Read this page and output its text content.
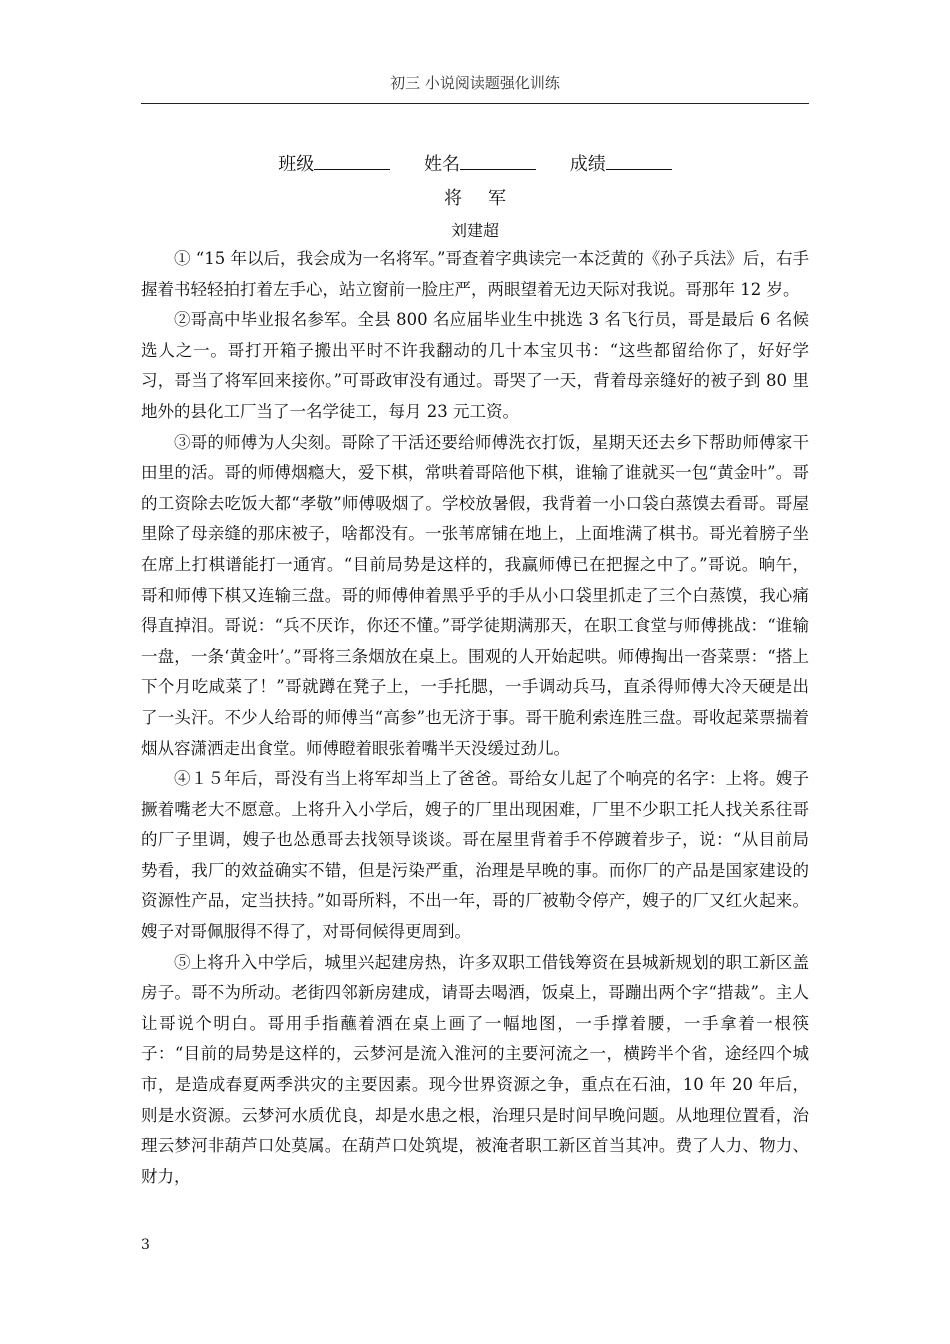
初三 小说阅读题强化训练
班级	姓名	成绩
将军
刘建超

① “15 年以后，我会成为一名将军。”哥查着字典读完一本泛黄的《孙子兵法》后，右手握着书轻轻拍打着左手心，站立窗前一脸庄严，两眼望着无边天际对我说。哥那年 12 岁。

②哥高中毕业报名参军。全县 800 名应届毕业生中挑选 3 名飞行员，哥是最后 6 名候选人之一。哥打开箱子搬出平时不许我翻动的几十本宝贝书：“这些都留给你了，好好学习，哥当了将军回来接你。”可哥政审没有通过。哥哭了一天，背着母亲缝好的被子到 80 里地外的县化工厂当了一名学徒工，每月 23 元工资。

③哥的师傅为人尖刻。哥除了干活还要给师傅洗衣打饭，星期天还去乡下帮助师傅家干田里的活。哥的师傅烟瘾大，爱下棋，常哄着哥陪他下棋，谁输了谁就买一包“黄金叶”。哥的工资除去吃饭大都“孝敬”师傅吸烟了。学校放暑假，我背着一小口袋白蒸馍去看哥。哥屋里除了母亲缝的那床被子，啥都没有。一张苇席铺在地上，上面堆满了棋书。哥光着膀子坐在席上打棋谱能打一通宵。“目前局势是这样的，我赢师傅已在把握之中了。”哥说。晌午，哥和师傅下棋又连输三盘。哥的师傅伸着黑乎乎的手从小口袋里抓走了三个白蒸馍，我心痛得直掉泪。哥说：“兵不厌诈，你还不懂。”哥学徒期满那天，在职工食堂与师傅挑战：“谁输一盘，一条‘黄金叶’。”哥将三条烟放在桌上。围观的人开始起哄。师傅掏出一沓菜票：“搭上下个月吃咸菜了！”哥就蹲在凳子上，一手托腮，一手调动兵马，直杀得师傅大冷天硬是出了一头汗。不少人给哥的师傅当“高参”也无济于事。哥干脆利索连胜三盘。哥收起菜票揣着烟从容潇洒走出食堂。师傅瞪着眼张着嘴半天没缓过劲儿。

④１５年后，哥没有当上将军却当上了爸爸。哥给女儿起了个响亮的名字：上将。嫂子撅着嘴老大不愿意。上将升入小学后，嫂子的厂里出现困难，厂里不少职工托人找关系往哥的厂子里调，嫂子也怂恿哥去找领导谈谈。哥在屋里背着手不停踱着步子，说：“从目前局势看，我厂的效益确实不错，但是污染严重，治理是早晚的事。而你厂的产品是国家建设的资源性产品，定当扶持。”如哥所料，不出一年，哥的厂被勒令停产，嫂子的厂又红火起来。嫂子对哥佩服得不得了，对哥伺候得更周到。

⑤上将升入中学后，城里兴起建房热，许多双职工借钱筹资在县城新规划的职工新区盖房子。哥不为所动。老街四邻新房建成，请哥去喝酒，饭桌上，哥蹦出两个字“措裁”。主人让哥说个明白。哥用手指蘸着酒在桌上画了一幅地图，一手撑着腰，一手拿着一根筷子：“目前的局势是这样的，云梦河是流入淮河的主要河流之一，横跨半个省，途经四个城市，是造成春夏两季洪灾的主要因素。现今世界资源之争，重点在石油，10 年 20 年后，则是水资源。云梦河水质优良，却是水患之根，治理只是时间早晚问题。从地理位置看，治理云梦河非葫芦口处莫属。在葫芦口处筑堤，被淹者职工新区首当其冲。费了人力、物力、财力，

3
